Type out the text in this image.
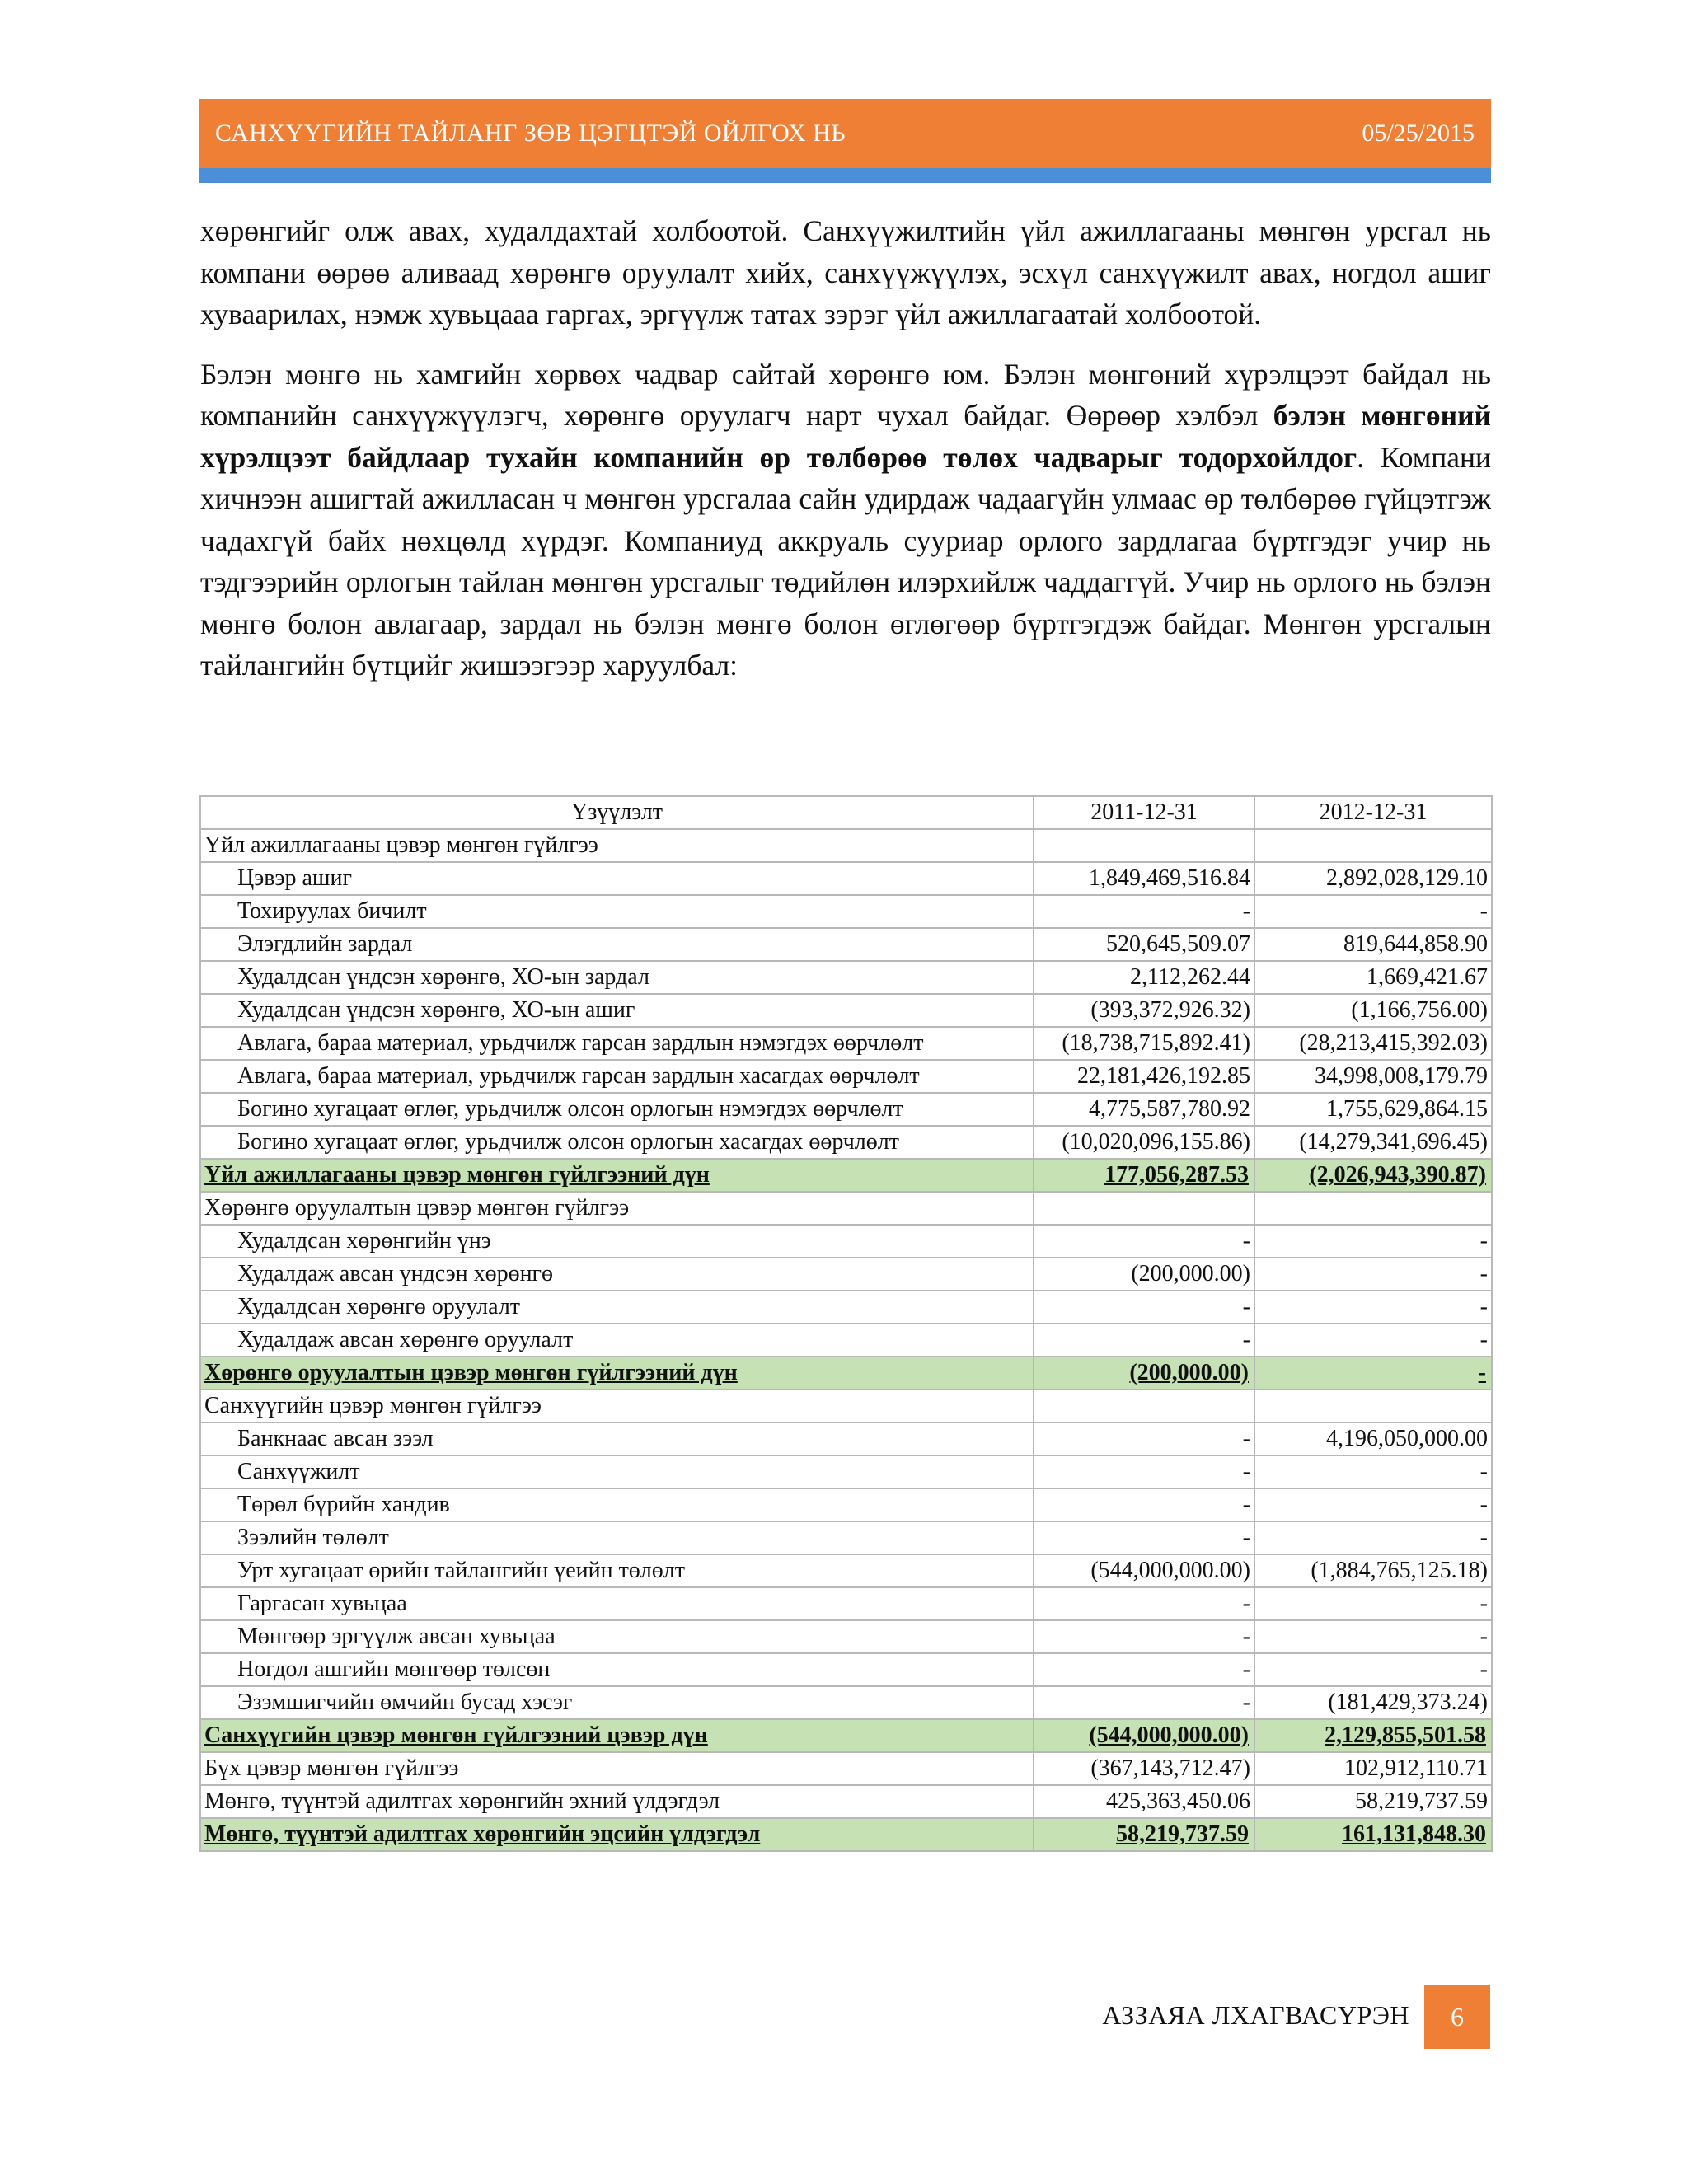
САНХҮҮГИЙН ТАЙЛАНГ ЗӨВ ЦЭГЦТЭЙ ОЙЛГОХ НЬ	05/25/2015

хөрөнгийг олж авах, худалдахтай холбоотой. Санхүүжилтийн үйл ажиллагааны мөнгөн урсгал нь компани өөрөө аливаад хөрөнгө оруулалт хийх, санхүүжүүлэх, эсхүл санхүүжилт авах, ногдол ашиг хуваарилах, нэмж хувьцааа гаргах, эргүүлж татах зэрэг үйл ажиллагаатай холбоотой.

Бэлэн мөнгө нь хамгийн хөрвөх чадвар сайтай хөрөнгө юм. Бэлэн мөнгөний хүрэлцээт байдал нь компанийн санхүүжүүлэгч, хөрөнгө оруулагч нарт чухал байдаг. Өөрөөр хэлбэл бэлэн мөнгөний хүрэлцээт байдлаар тухайн компанийн өр төлбөрөө төлөх чадварыг тодорхойлдог. Компани хичнээн ашигтай ажилласан ч мөнгөн урсгалаа сайн удирдаж чадаагүйн улмаас өр төлбөрөө гүйцэтгэж чадахгүй байх нөхцөлд хүрдэг. Компаниуд аккруаль сууриар орлого зардлагаа бүртгэдэг учир нь тэдгээрийн орлогын тайлан мөнгөн урсгалыг төдийлөн илэрхийлж чаддаггүй. Учир нь орлого нь бэлэн мөнгө болон авлагаар, зардал нь бэлэн мөнгө болон өглөгөөр бүртгэгдэж байдаг. Мөнгөн урсгалын тайлангийн бүтцийг жишээгээр харуулбал:

Үзүүлэлт	2011-12-31	2012-12-31
Үйл ажиллагааны цэвэр мөнгөн гүйлгээ		
Цэвэр ашиг	1,849,469,516.84	2,892,028,129.10
Тохируулах бичилт	-	-
Элэгдлийн зардал	520,645,509.07	819,644,858.90
Худалдсан үндсэн хөрөнгө, ХО-ын зардал	2,112,262.44	1,669,421.67
Худалдсан үндсэн хөрөнгө, ХО-ын ашиг	(393,372,926.32)	(1,166,756.00)
Авлага, бараа материал, урьдчилж гарсан зардлын нэмэгдэх өөрчлөлт	(18,738,715,892.41)	(28,213,415,392.03)
Авлага, бараа материал, урьдчилж гарсан зардлын хасагдах өөрчлөлт	22,181,426,192.85	34,998,008,179.79
Богино хугацаат өглөг, урьдчилж олсон орлогын нэмэгдэх өөрчлөлт	4,775,587,780.92	1,755,629,864.15
Богино хугацаат өглөг, урьдчилж олсон орлогын хасагдах өөрчлөлт	(10,020,096,155.86)	(14,279,341,696.45)
Үйл ажиллагааны цэвэр мөнгөн гүйлгээний дүн	177,056,287.53	(2,026,943,390.87)
Хөрөнгө оруулалтын цэвэр мөнгөн гүйлгээ		
Худалдсан хөрөнгийн үнэ	-	-
Худалдаж авсан үндсэн хөрөнгө	(200,000.00)	-
Худалдсан хөрөнгө оруулалт	-	-
Худалдаж авсан хөрөнгө оруулалт	-	-
Хөрөнгө оруулалтын цэвэр мөнгөн гүйлгээний дүн	(200,000.00)	-
Санхүүгийн цэвэр мөнгөн гүйлгээ		
Банкнаас авсан зээл	-	4,196,050,000.00
Санхүүжилт	-	-
Төрөл бүрийн хандив	-	-
Зээлийн төлөлт	-	-
Урт хугацаат өрийн тайлангийн үеийн төлөлт	(544,000,000.00)	(1,884,765,125.18)
Гаргасан хувьцаа	-	-
Мөнгөөр эргүүлж авсан хувьцаа	-	-
Ногдол ашгийн мөнгөөр төлсөн	-	-
Эзэмшигчийн өмчийн бусад хэсэг	-	(181,429,373.24)
Санхүүгийн цэвэр мөнгөн гүйлгээний цэвэр дүн	(544,000,000.00)	2,129,855,501.58
Бүх цэвэр мөнгөн гүйлгээ	(367,143,712.47)	102,912,110.71
Мөнгө, түүнтэй адилтгах хөрөнгийн эхний үлдэгдэл	425,363,450.06	58,219,737.59
Мөнгө, түүнтэй адилтгах хөрөнгийн эцсийн үлдэгдэл	58,219,737.59	161,131,848.30
АЗЗАЯА ЛХАГВАСҮРЭН	6
